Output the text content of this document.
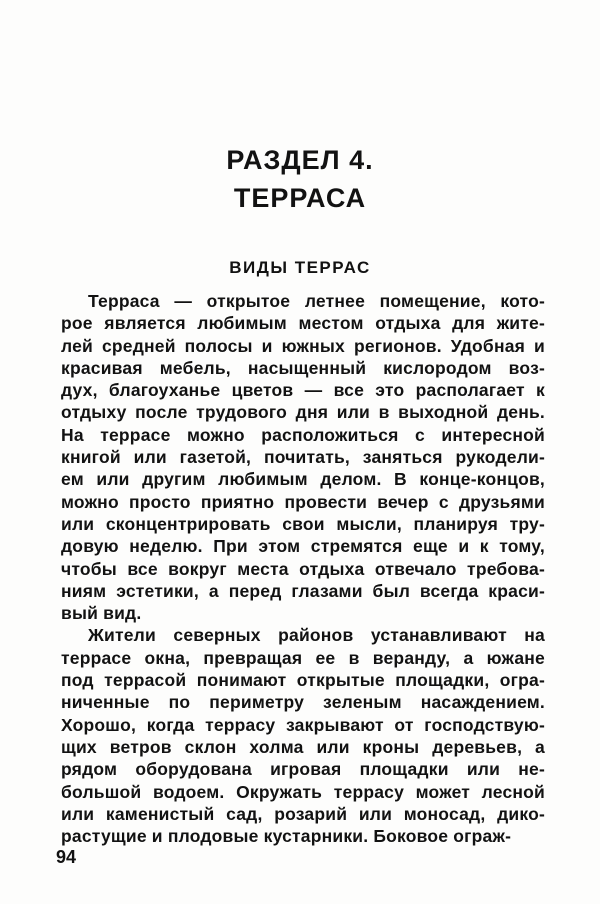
РАЗДЕЛ 4.
ТЕРРАСА
ВИДЫ ТЕРРАС
Терраса — открытое летнее помещение, кото-
рое является любимым местом отдыха для жите-
лей средней полосы и южных регионов. Удобная и
красивая мебель, насыщенный кислородом воз-
дух, благоуханье цветов — все это располагает к
отдыху после трудового дня или в выходной день.
На террасе можно расположиться с интересной
книгой или газетой, почитать, заняться рукодели-
ем или другим любимым делом. В конце-концов,
можно просто приятно провести вечер с друзьями
или сконцентрировать свои мысли, планируя тру-
довую неделю. При этом стремятся еще и к тому,
чтобы все вокруг места отдыха отвечало требова-
ниям эстетики, а перед глазами был всегда краси-
вый вид.
Жители северных районов устанавливают на
террасе окна, превращая ее в веранду, а южане
под террасой понимают открытые площадки, огра-
ниченные по периметру зеленым насаждением.
Хорошо, когда террасу закрывают от господствую-
щих ветров склон холма или кроны деревьев, а
рядом оборудована игровая площадки или не-
большой водоем. Окружать террасу может лесной
или каменистый сад, розарий или моносад, дико-
растущие и плодовые кустарники. Боковое ограж-
94
